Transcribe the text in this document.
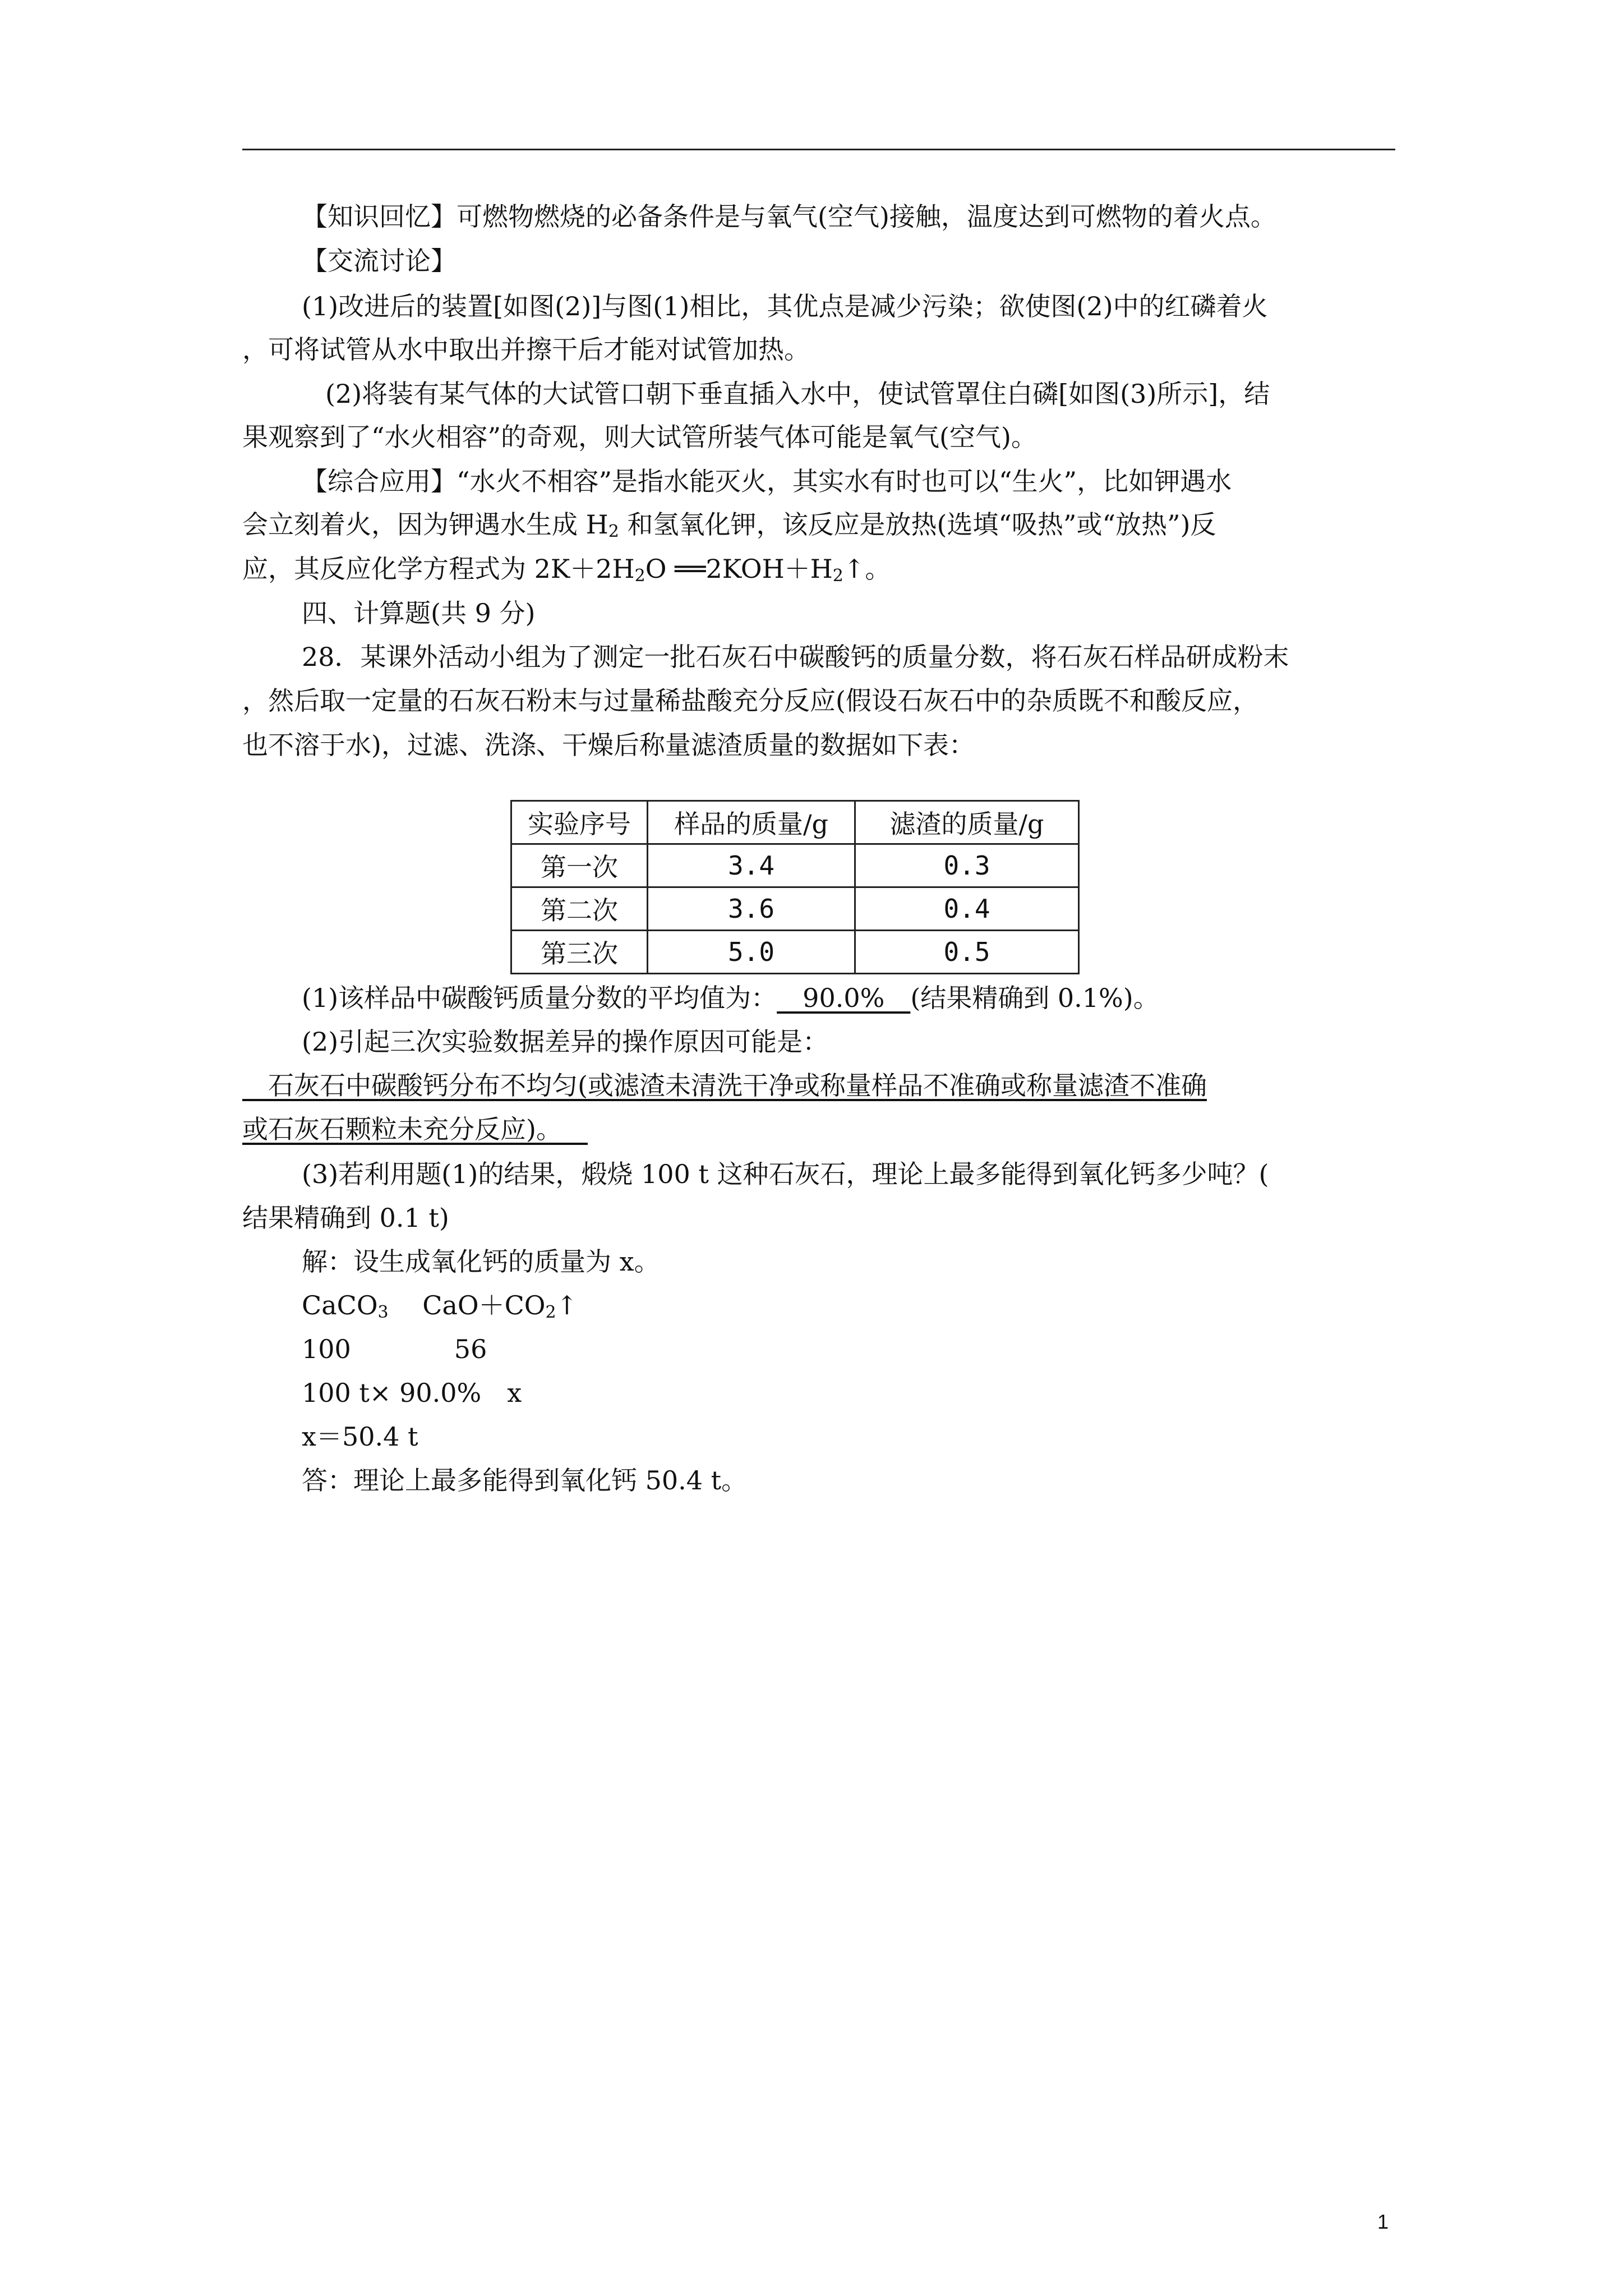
【知识回忆】可燃物燃烧的必备条件是与氧气(空气)接触，温度达到可燃物的着火点。
【交流讨论】
(1)改进后的装置[如图(2)]与图(1)相比，其优点是减少污染；欲使图(2)中的红磷着火
，可将试管从水中取出并擦干后才能对试管加热。
(2)将装有某气体的大试管口朝下垂直插入水中，使试管罩住白磷[如图(3)所示]，结
果观察到了“水火相容”的奇观，则大试管所装气体可能是氧气(空气)。
【综合应用】“水火不相容”是指水能灭火，其实水有时也可以“生火”，比如钾遇水
会立刻着火，因为钾遇水生成 $H_2$ 和氢氧化钾，该反应是放热(选填“吸热”或“放热”)反
应，其反应化学方程式为 $2K+2H_2O$ $══2KOH+H_2↑$。
四、计算题(共 9 分)
28．某课外活动小组为了测定一批石灰石中碳酸钙的质量分数，将石灰石样品研成粉末
，然后取一定量的石灰石粉末与过量稀盐酸充分反应(假设石灰石中的杂质既不和酸反应，
也不溶于水)，过滤、洗涤、干燥后称量滤渣质量的数据如下表：
实验序号	样品的质量/g	滤渣的质量/g
第一次	3.4	0.3
第二次	3.6	0.4
第三次	5.0	0.5
(1)该样品中碳酸钙质量分数的平均值为：__90.0%__(结果精确到 0.1%)。
(2)引起三次实验数据差异的操作原因可能是：
__石灰石中碳酸钙分布不均匀(或滤渣未清洗干净或称量样品不准确或称量滤渣不准确
或石灰石颗粒未充分反应)。__
(3)若利用题(1)的结果，煅烧 100 t 这种石灰石，理论上最多能得到氧化钙多少吨？(
结果精确到 0.1 t)
解：设生成氧化钙的质量为 x。
CaCO$_3$　 $CaO+CO_2↑$
100　　　　56
100 t× 90.0%　x
x＝50.4 t
答：理论上最多能得到氧化钙 50.4 t。
1
